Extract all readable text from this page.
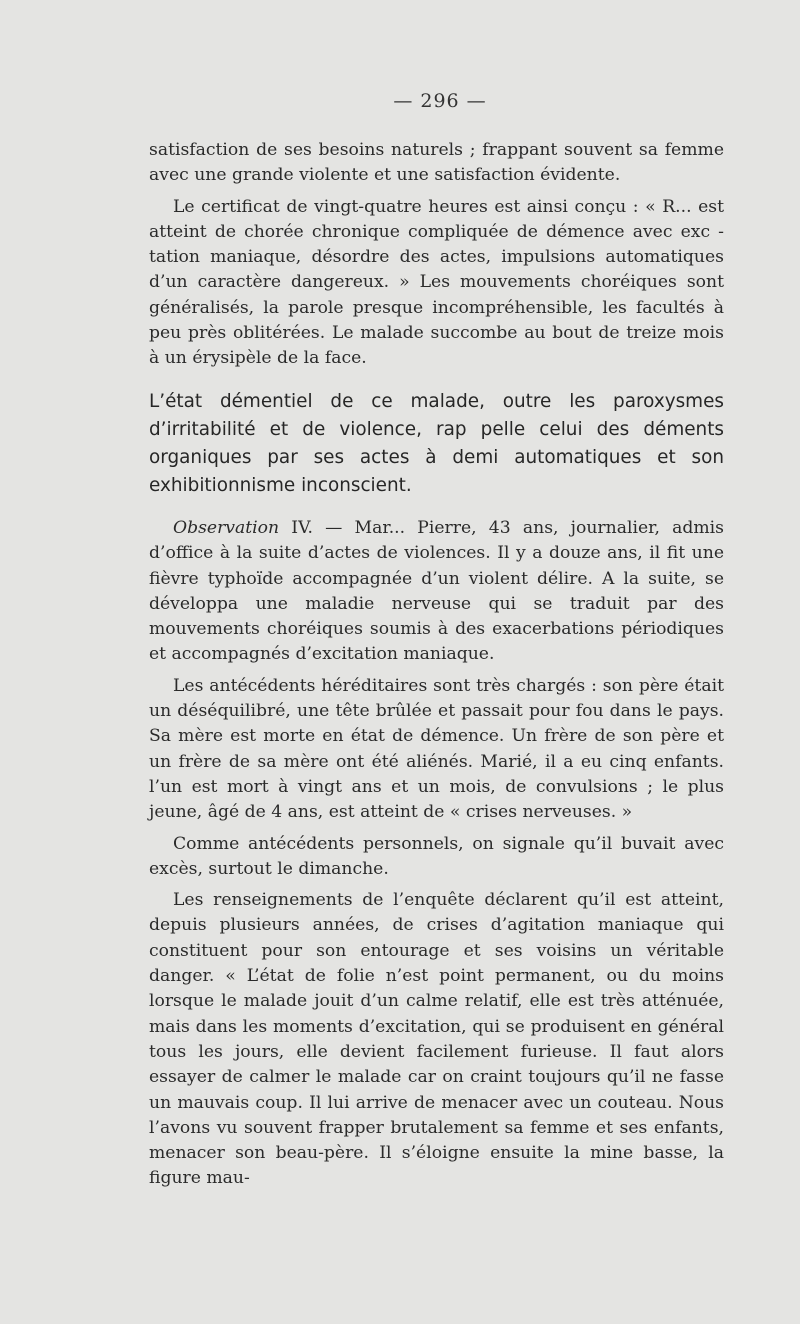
— 296 —

satisfaction de ses besoins naturels ; frappant souvent sa femme avec une grande violente et une satisfaction évidente.

Le certificat de vingt-quatre heures est ainsi conçu : « R... est atteint de chorée chronique compliquée de démence avec exc - tation maniaque, désordre des actes, impulsions automatiques d’un caractère dangereux. » Les mouvements choréiques sont généralisés, la parole presque incompréhensible, les facultés à peu près oblitérées. Le malade succombe au bout de treize mois à un érysipèle de la face.

L’état démentiel de ce malade, outre les paroxysmes d’irritabilité et de violence, rap pelle celui des déments organiques par ses actes à demi automatiques et son exhibitionnisme inconscient.

Observation IV. — Mar... Pierre, 43 ans, journalier, admis d’office à la suite d’actes de violences. Il y a douze ans, il fit une fièvre typhoïde accompagnée d’un violent délire. A la suite, se développa une maladie nerveuse qui se traduit par des mouvements choréiques soumis à des exacerbations périodiques et accompagnés d’excitation maniaque.

Les antécédents héréditaires sont très chargés : son père était un déséquilibré, une tête brûlée et passait pour fou dans le pays. Sa mère est morte en état de démence. Un frère de son père et un frère de sa mère ont été aliénés. Marié, il a eu cinq enfants. l’un est mort à vingt ans et un mois, de convulsions ; le plus jeune, âgé de 4 ans, est atteint de « crises nerveuses. »

Comme antécédents personnels, on signale qu’il buvait avec excès, surtout le dimanche.

Les renseignements de l’enquête déclarent qu’il est atteint, depuis plusieurs années, de crises d’agitation maniaque qui constituent pour son entourage et ses voisins un véritable danger. « L’état de folie n’est point permanent, ou du moins lorsque le malade jouit d’un calme relatif, elle est très atténuée, mais dans les moments d’excitation, qui se produisent en général tous les jours, elle devient facilement furieuse. Il faut alors essayer de calmer le malade car on craint toujours qu’il ne fasse un mauvais coup. Il lui arrive de menacer avec un couteau. Nous l’avons vu souvent frapper brutalement sa femme et ses enfants, menacer son beau-père. Il s’éloigne ensuite la mine basse, la figure mau-
